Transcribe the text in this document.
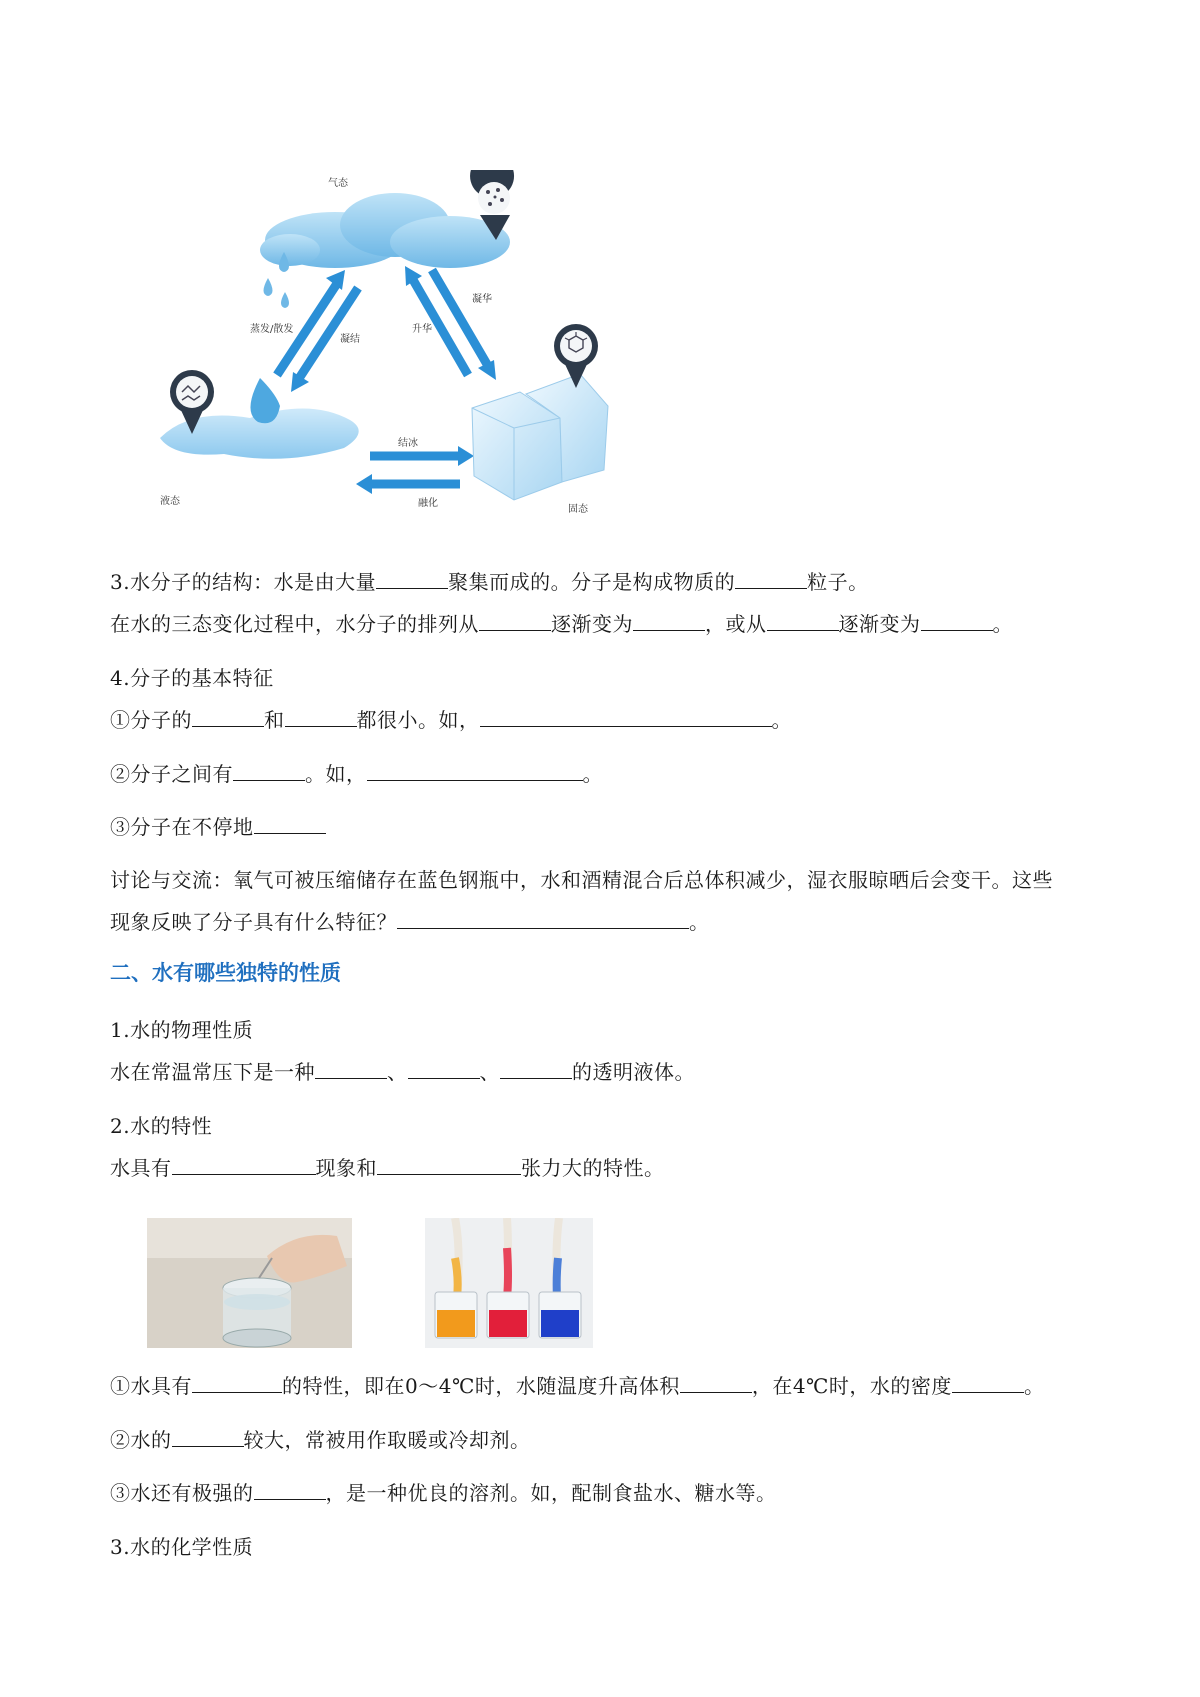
气态
蒸发/散发
凝结
升华
凝华
液态
结冰
融化
固态
3.水分子的结构：水是由大量	聚集而成的。分子是构成物质的	粒子。
在水的三态变化过程中，水分子的排列从	逐渐变为	，或从	逐渐变为	。
4.分子的基本特征
①分子的	和	都很小。如，	。
②分子之间有	。如，	。
③分子在不停地
讨论与交流：氧气可被压缩储存在蓝色钢瓶中，水和酒精混合后总体积减少，湿衣服晾晒后会变干。这些
现象反映了分子具有什么特征？	。
二、水有哪些独特的性质
1.水的物理性质
水在常温常压下是一种	、	、	的透明液体。
2.水的特性
水具有	现象和	张力大的特性。
①水具有	的特性，即在0～4℃时，水随温度升高体积	，在4℃时，水的密度	。
②水的	较大，常被用作取暖或冷却剂。
③水还有极强的	，是一种优良的溶剂。如，配制食盐水、糖水等。
3.水的化学性质
